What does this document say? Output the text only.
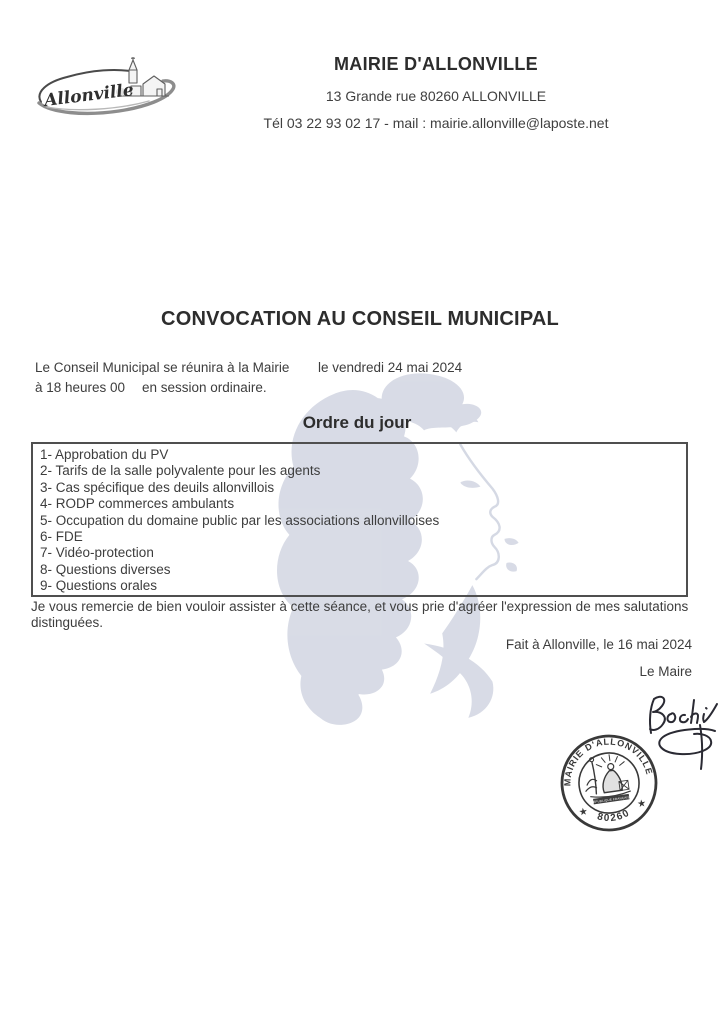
Allonville
MAIRIE D'ALLONVILLE
13 Grande rue 80260 ALLONVILLE
Tél 03 22 93 02 17 - mail : mairie.allonville@laposte.net
CONVOCATION AU CONSEIL MUNICIPAL
Le Conseil Municipal se réunira à la Mairie le vendredi 24 mai 2024
à 18 heures 00 en session ordinaire.
Ordre du jour
1- Approbation du PV
2- Tarifs de la salle polyvalente pour les agents
3- Cas spécifique des deuils allonvillois
4- RODP commerces ambulants
5- Occupation du domaine public par les associations allonvilloises
6- FDE
7- Vidéo-protection
8- Questions diverses
9- Questions orales
Je vous remercie de bien vouloir assister à cette séance, et vous prie d'agréer l'expression de mes salutations
distinguées.
Fait à Allonville, le 16 mai 2024
Le Maire
MAIRIE D'ALLONVILLE
80260
★
★
RÉPUBLIQUE FRANÇAISE
